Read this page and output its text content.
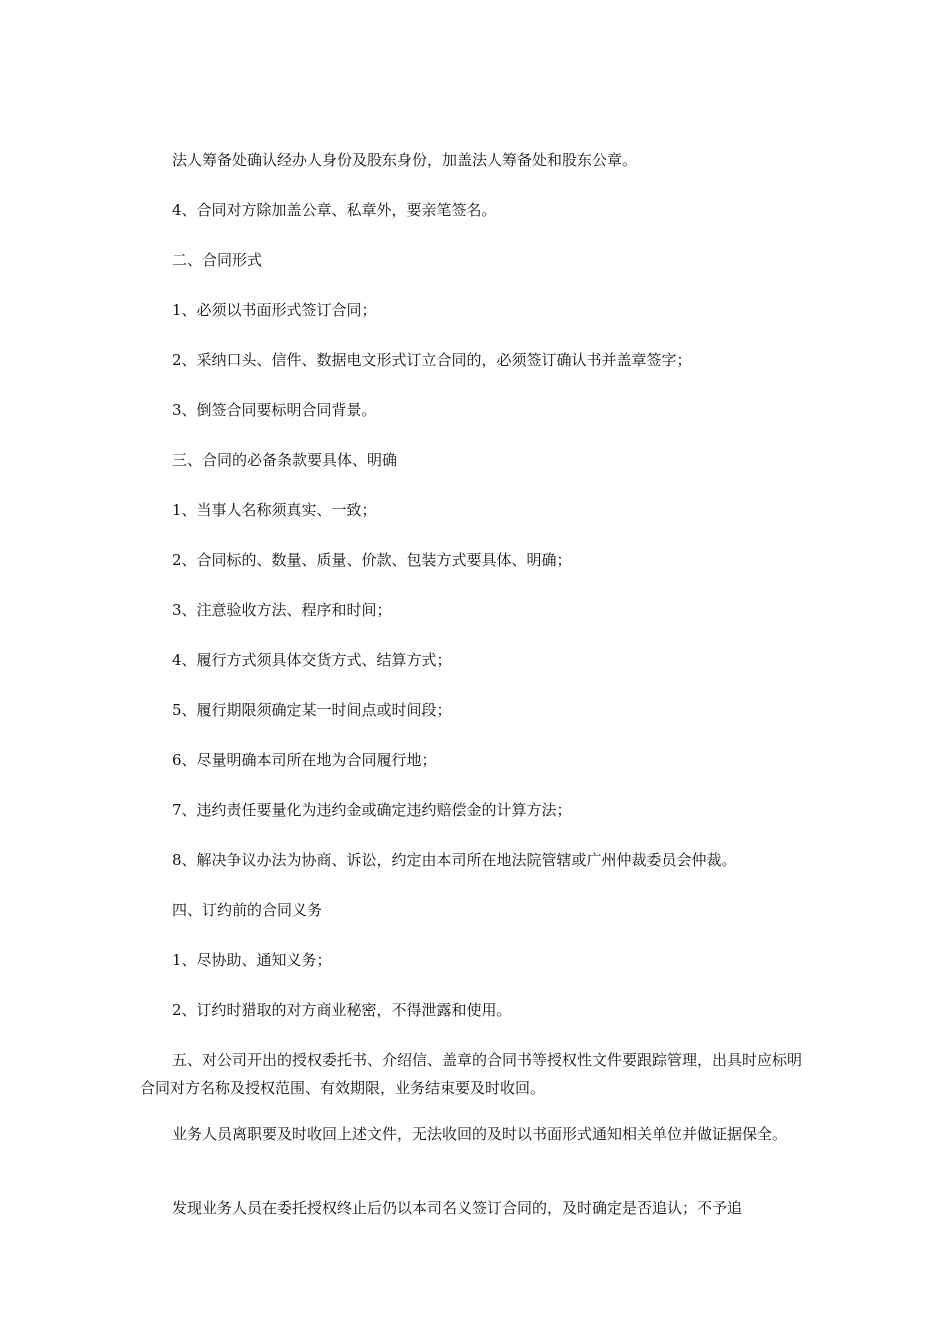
法人筹备处确认经办人身份及股东身份，加盖法人筹备处和股东公章。

4、合同对方除加盖公章、私章外，要亲笔签名。

二、合同形式

1、必须以书面形式签订合同；

2、采纳口头、信件、数据电文形式订立合同的，必须签订确认书并盖章签字；

3、倒签合同要标明合同背景。

三、合同的必备条款要具体、明确

1、当事人名称须真实、一致；

2、合同标的、数量、质量、价款、包装方式要具体、明确；

3、注意验收方法、程序和时间；

4、履行方式须具体交货方式、结算方式；

5、履行期限须确定某一时间点或时间段；

6、尽量明确本司所在地为合同履行地；

7、违约责任要量化为违约金或确定违约赔偿金的计算方法；

8、解决争议办法为协商、诉讼，约定由本司所在地法院管辖或广州仲裁委员会仲裁。

四、订约前的合同义务

1、尽协助、通知义务；

2、订约时猎取的对方商业秘密，不得泄露和使用。

五、对公司开出的授权委托书、介绍信、盖章的合同书等授权性文件要跟踪管理，出具时应标明合同对方名称及授权范围、有效期限，业务结束要及时收回。

业务人员离职要及时收回上述文件，无法收回的及时以书面形式通知相关单位并做证据保全。

发现业务人员在委托授权终止后仍以本司名义签订合同的，及时确定是否追认；不予追
